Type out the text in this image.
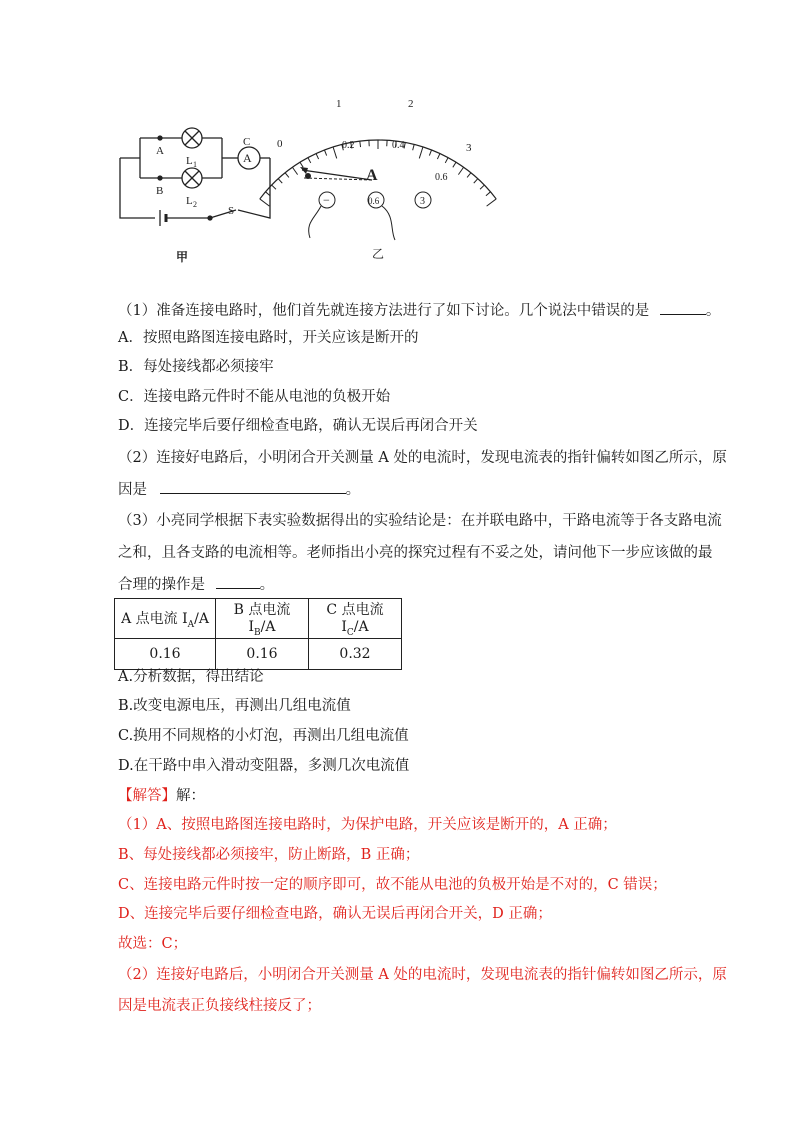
A
B
C
A
L 1
L 2
S
甲
0
1	2
3
0.2	0.4
0.6
A
−	0.6	3
乙
（1）准备连接电路时，他们首先就连接方法进行了如下讨论。几个说法中错误的是	。
A．按照电路图连接电路时，开关应该是断开的
B．每处接线都必须接牢
C．连接电路元件时不能从电池的负极开始
D．连接完毕后要仔细检查电路，确认无误后再闭合开关
（2）连接好电路后，小明闭合开关测量 A 处的电流时，发现电流表的指针偏转如图乙所示，原
因是	。
（3）小亮同学根据下表实验数据得出的实验结论是：在并联电路中，干路电流等于各支路电流
之和，且各支路的电流相等。老师指出小亮的探究过程有不妥之处，请问他下一步应该做的最
合理的操作是	。
A 点电流 $I_A/A$	B 点电流 $I_B/A$	C 点电流 $I_C/A$
0.16	0.16	0.32
A.分析数据，得出结论
B.改变电源电压，再测出几组电流值
C.换用不同规格的小灯泡，再测出几组电流值
D.在干路中串入滑动变阻器，多测几次电流值
【解答】解：
（1）A、按照电路图连接电路时，为保护电路，开关应该是断开的，A 正确；
B、每处接线都必须接牢，防止断路，B 正确；
C、连接电路元件时按一定的顺序即可，故不能从电池的负极开始是不对的，C 错误；
D、连接完毕后要仔细检查电路，确认无误后再闭合开关，D 正确；
故选：C；
（2）连接好电路后，小明闭合开关测量 A 处的电流时，发现电流表的指针偏转如图乙所示，原
因是电流表正负接线柱接反了；
